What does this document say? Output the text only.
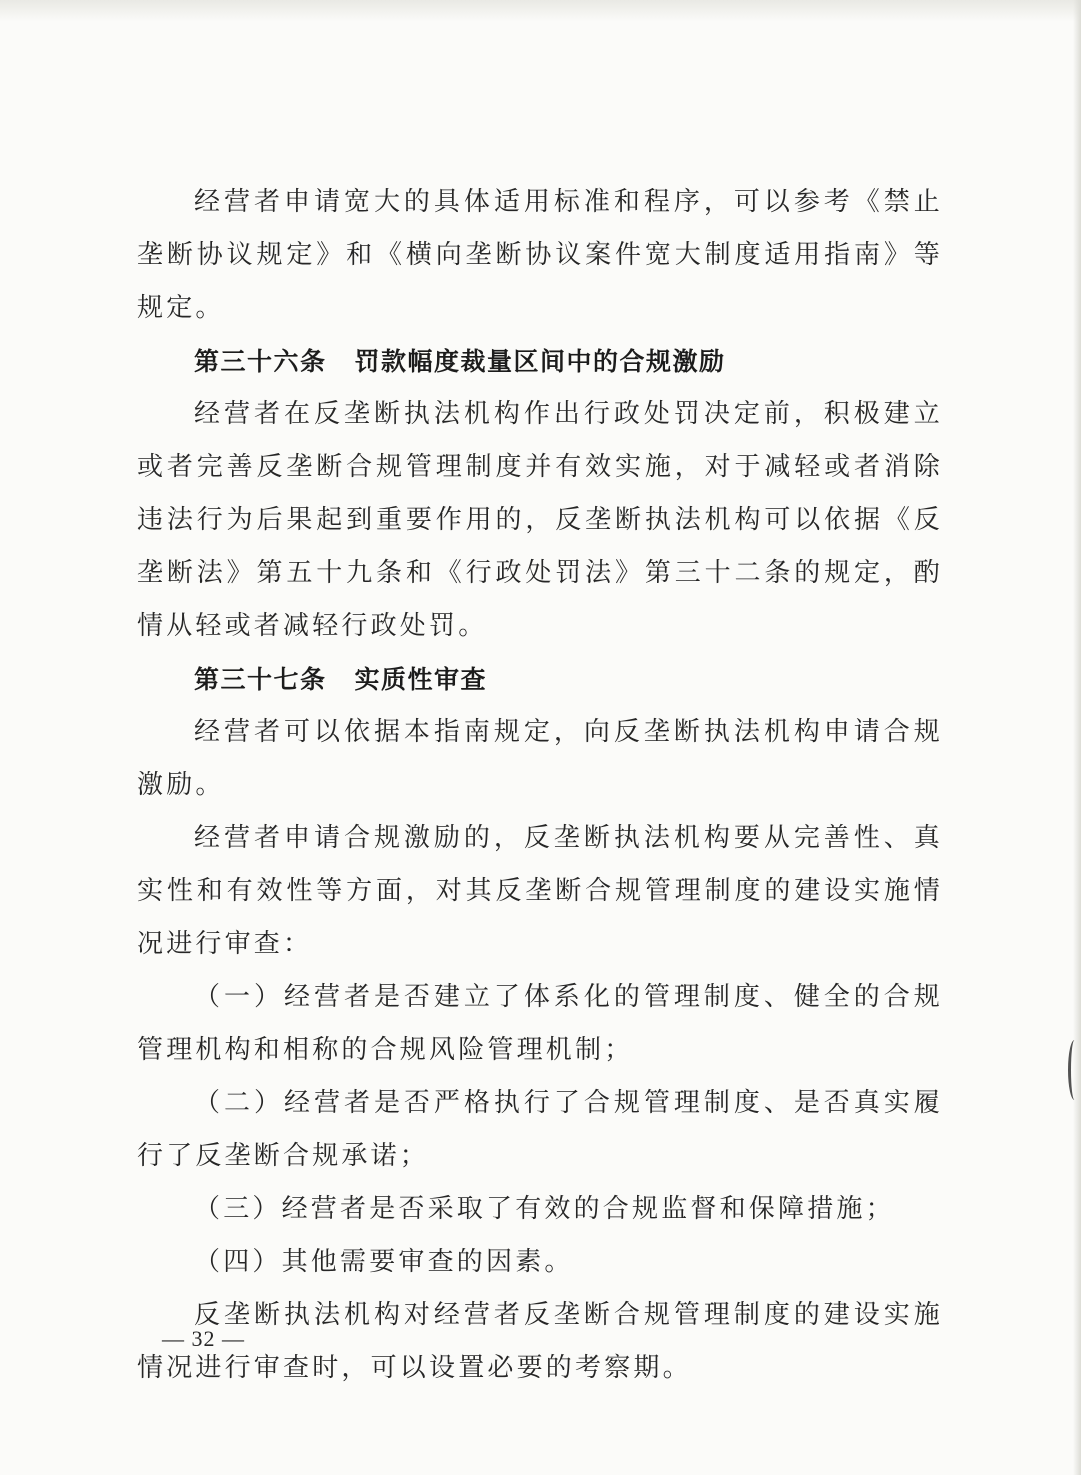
经营者申请宽大的具体适用标准和程序，可以参考《禁止垄断协议规定》和《横向垄断协议案件宽大制度适用指南》等规定。

第三十六条 罚款幅度裁量区间中的合规激励

经营者在反垄断执法机构作出行政处罚决定前，积极建立或者完善反垄断合规管理制度并有效实施，对于减轻或者消除违法行为后果起到重要作用的，反垄断执法机构可以依据《反垄断法》第五十九条和《行政处罚法》第三十二条的规定，酌情从轻或者减轻行政处罚。

第三十七条 实质性审查

经营者可以依据本指南规定，向反垄断执法机构申请合规激励。

经营者申请合规激励的，反垄断执法机构要从完善性、真实性和有效性等方面，对其反垄断合规管理制度的建设实施情况进行审查：

（一）经营者是否建立了体系化的管理制度、健全的合规管理机构和相称的合规风险管理机制；

（二）经营者是否严格执行了合规管理制度、是否真实履行了反垄断合规承诺；

（三）经营者是否采取了有效的合规监督和保障措施；

（四）其他需要审查的因素。

反垄断执法机构对经营者反垄断合规管理制度的建设实施情况进行审查时，可以设置必要的考察期。

— 32 —
